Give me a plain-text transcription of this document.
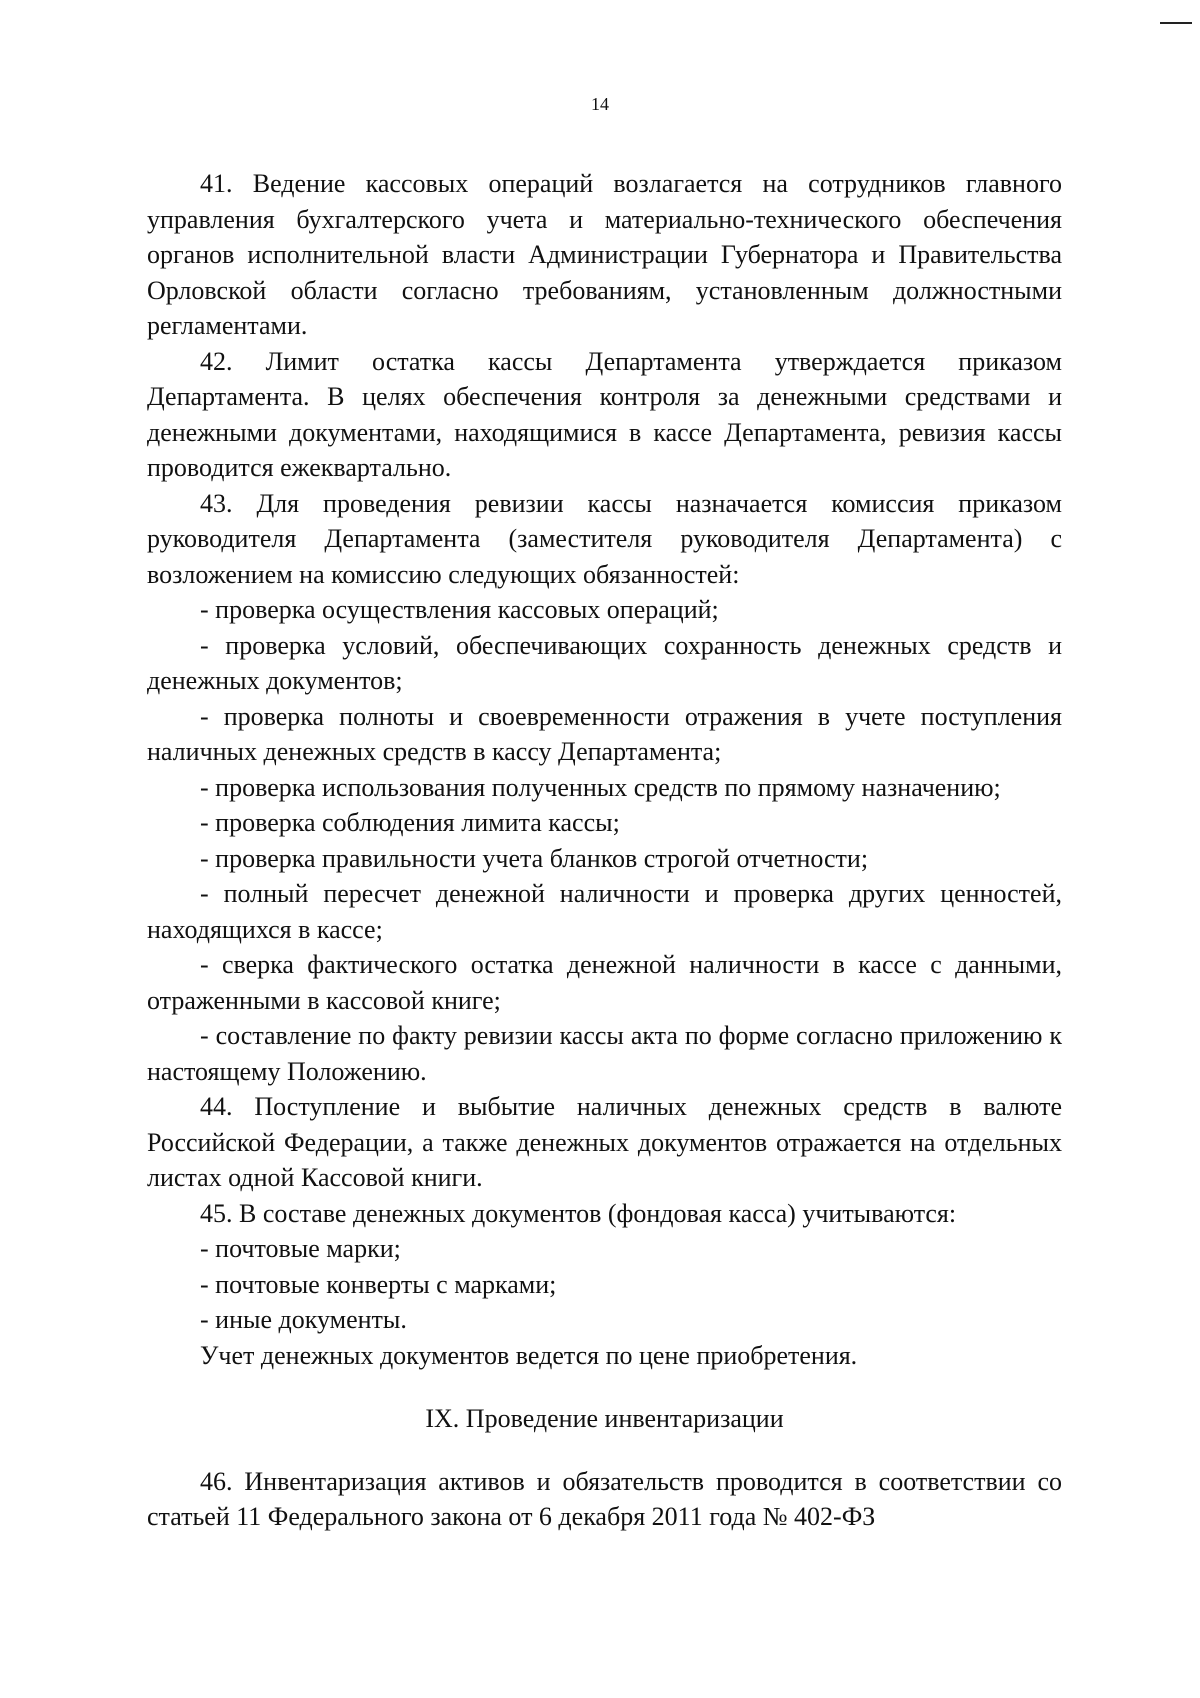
14

41. Ведение кассовых операций возлагается на сотрудников главного управления бухгалтерского учета и материально-технического обеспечения органов исполнительной власти Администрации Губернатора и Правительства Орловской области согласно требованиям, установленным должностными регламентами.

42. Лимит остатка кассы Департамента утверждается приказом Департамента. В целях обеспечения контроля за денежными средствами и денежными документами, находящимися в кассе Департамента, ревизия кассы проводится ежеквартально.

43. Для проведения ревизии кассы назначается комиссия приказом руководителя Департамента (заместителя руководителя Департамента) с возложением на комиссию следующих обязанностей:

- проверка осуществления кассовых операций;

- проверка условий, обеспечивающих сохранность денежных средств и денежных документов;

- проверка полноты и своевременности отражения в учете поступления наличных денежных средств в кассу Департамента;

- проверка использования полученных средств по прямому назначению;

- проверка соблюдения лимита кассы;

- проверка правильности учета бланков строгой отчетности;

- полный пересчет денежной наличности и проверка других ценностей, находящихся в кассе;

- сверка фактического остатка денежной наличности в кассе с данными, отраженными в кассовой книге;

- составление по факту ревизии кассы акта по форме согласно приложению к настоящему Положению.

44. Поступление и выбытие наличных денежных средств в валюте Российской Федерации, а также денежных документов отражается на отдельных листах одной Кассовой книги.

45. В составе денежных документов (фондовая касса) учитываются:

- почтовые марки;

- почтовые конверты с марками;

- иные документы.

Учет денежных документов ведется по цене приобретения.

IX. Проведение инвентаризации

46. Инвентаризация активов и обязательств проводится в соответствии со статьей 11 Федерального закона от 6 декабря 2011 года № 402-ФЗ
